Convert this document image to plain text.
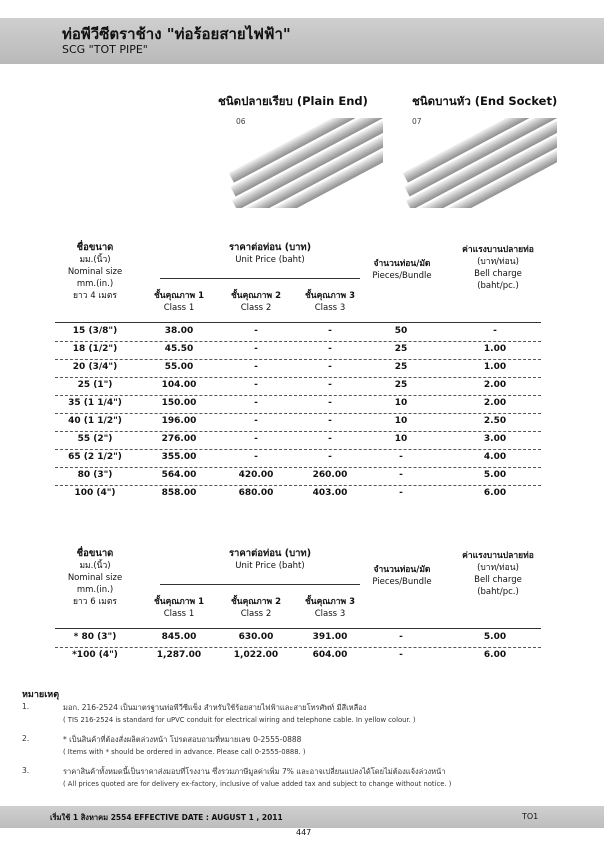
ท่อพีวีซีตราช้าง "ท่อร้อยสายไฟฟ้า"
SCG "TOT PIPE"
ชนิดปลายเรียบ (Plain End)
06
ชนิดบานหัว (End Socket)
07
ชื่อขนาด
มม.(นิ้ว)
Nominal size
mm.(in.)
ยาว 4 เมตร
ราคาต่อท่อน (บาท)
Unit Price (baht)
ชั้นคุณภาพ 1
Class 1
ชั้นคุณภาพ 2
Class 2
ชั้นคุณภาพ 3
Class 3
จำนวนท่อน/มัด
Pieces/Bundle
ค่าแรงบานปลายท่อ
(บาท/ท่อน)
Bell charge
(baht/pc.)
15 (3/8")	38.00	-	-	50	-
18 (1/2")	45.50	-	-	25	1.00
20 (3/4")	55.00	-	-	25	1.00
25 (1")	104.00	-	-	25	2.00
35 (1 1/4")	150.00	-	-	10	2.00
40 (1 1/2")	196.00	-	-	10	2.50
55 (2")	276.00	-	-	10	3.00
65 (2 1/2")	355.00	-	-	-	4.00
80 (3")	564.00	420.00	260.00	-	5.00
100 (4")	858.00	680.00	403.00	-	6.00
ชื่อขนาด
มม.(นิ้ว)
Nominal size
mm.(in.)
ยาว 6 เมตร
ราคาต่อท่อน (บาท)
Unit Price (baht)
ชั้นคุณภาพ 1
Class 1
ชั้นคุณภาพ 2
Class 2
ชั้นคุณภาพ 3
Class 3
จำนวนท่อน/มัด
Pieces/Bundle
ค่าแรงบานปลายท่อ
(บาท/ท่อน)
Bell charge
(baht/pc.)
* 80 (3")	845.00	630.00	391.00	-	5.00
*100 (4")	1,287.00	1,022.00	604.00	-	6.00
หมายเหตุ
1.	มอก. 216-2524 เป็นมาตรฐานท่อพีวีซีแข็ง สำหรับใช้ร้อยสายไฟฟ้าและสายโทรศัพท์ มีสีเหลือง
( TIS 216-2524 is standard for uPVC conduit for electrical wiring and telephone cable. In yellow colour. )
2.	* เป็นสินค้าที่ต้องสั่งผลิตล่วงหน้า โปรดสอบถามที่หมายเลข 0-2555-0888
( Items with * should be ordered in advance. Please call 0-2555-0888. )
3.	ราคาสินค้าทั้งหมดนี้เป็นราคาส่งมอบที่โรงงาน ซึ่งรวมภาษีมูลค่าเพิ่ม 7% และอาจเปลี่ยนแปลงได้โดยไม่ต้องแจ้งล่วงหน้า
( All prices quoted are for delivery ex-factory, inclusive of value added tax and subject to change without notice. )
เริ่มใช้ 1 สิงหาคม 2554 EFFECTIVE DATE : AUGUST 1 , 2011	TO1
447
